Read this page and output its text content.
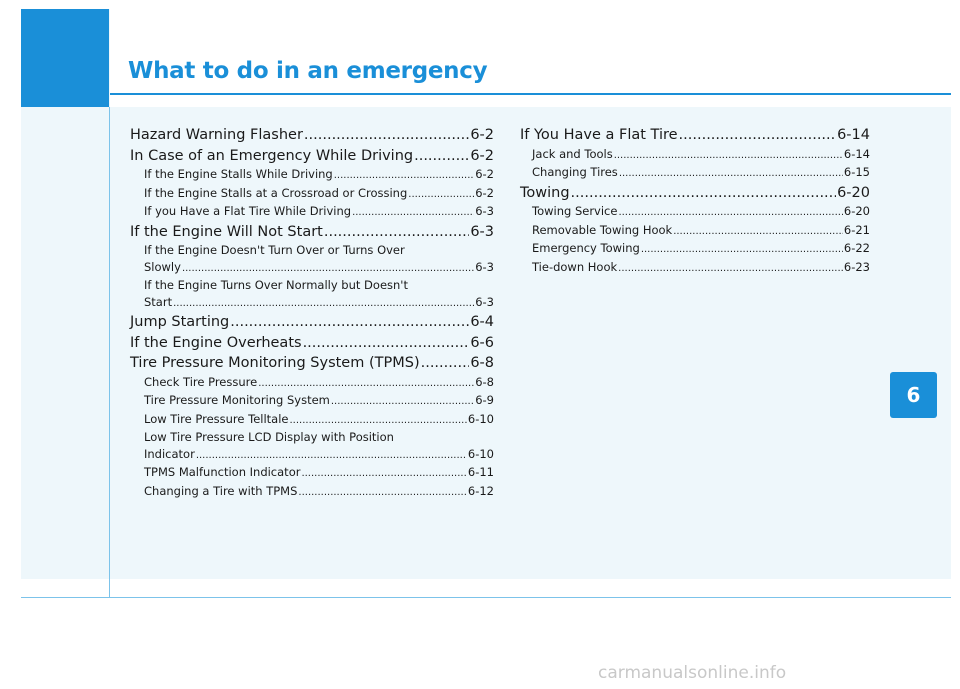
What to do in an emergency
6
Hazard Warning Flasher .....	6-2
In Case of an Emergency While Driving .....	6-2
If the Engine Stalls While Driving .....	6-2
If the Engine Stalls at a Crossroad or Crossing .....	6-2
If you Have a Flat Tire While Driving .....	6-3
If the Engine Will Not Start .....	6-3
If the Engine Doesn't Turn Over or Turns Over
Slowly .....	6-3
If the Engine Turns Over Normally but Doesn't
Start .....	6-3
Jump Starting .....	6-4
If the Engine Overheats .....	6-6
Tire Pressure Monitoring System (TPMS) .....	6-8
Check Tire Pressure .....	6-8
Tire Pressure Monitoring System .....	6-9
Low Tire Pressure Telltale .....	6-10
Low Tire Pressure LCD Display with Position
Indicator .....	6-10
TPMS Malfunction Indicator .....	6-11
Changing a Tire with TPMS .....	6-12
If You Have a Flat Tire .....	6-14
Jack and Tools .....	6-14
Changing Tires .....	6-15
Towing .....	6-20
Towing Service .....	6-20
Removable Towing Hook .....	6-21
Emergency Towing .....	6-22
Tie-down Hook .....	6-23
carmanualsonline.info
